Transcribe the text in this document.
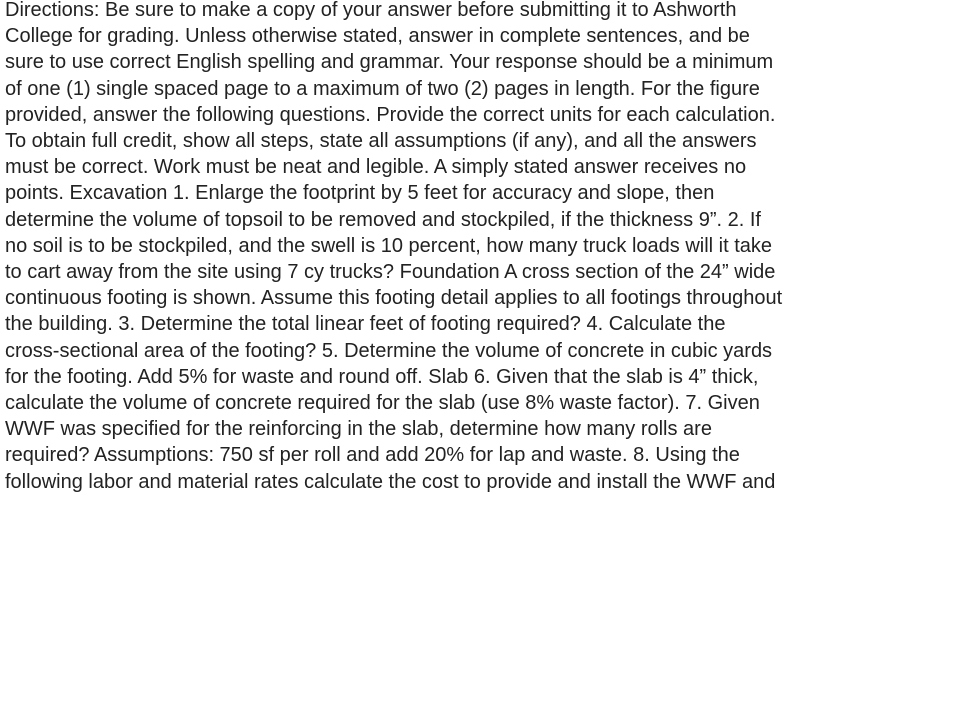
Directions: Be sure to make a copy of your answer before submitting it to Ashworth
College for grading. Unless otherwise stated, answer in complete sentences, and be
sure to use correct English spelling and grammar. Your response should be a minimum
of one (1) single spaced page to a maximum of two (2) pages in length. For the figure
provided, answer the following questions. Provide the correct units for each calculation.
To obtain full credit, show all steps, state all assumptions (if any), and all the answers
must be correct. Work must be neat and legible. A simply stated answer receives no
points. Excavation 1. Enlarge the footprint by 5 feet for accuracy and slope, then
determine the volume of topsoil to be removed and stockpiled, if the thickness 9”. 2. If
no soil is to be stockpiled, and the swell is 10 percent, how many truck loads will it take
to cart away from the site using 7 cy trucks? Foundation A cross section of the 24” wide
continuous footing is shown. Assume this footing detail applies to all footings throughout
the building. 3. Determine the total linear feet of footing required? 4. Calculate the
cross-sectional area of the footing? 5. Determine the volume of concrete in cubic yards
for the footing. Add 5% for waste and round off. Slab 6. Given that the slab is 4” thick,
calculate the volume of concrete required for the slab (use 8% waste factor). 7. Given
WWF was specified for the reinforcing in the slab, determine how many rolls are
required? Assumptions: 750 sf per roll and add 20% for lap and waste. 8. Using the
following labor and material rates calculate the cost to provide and install the WWF and
